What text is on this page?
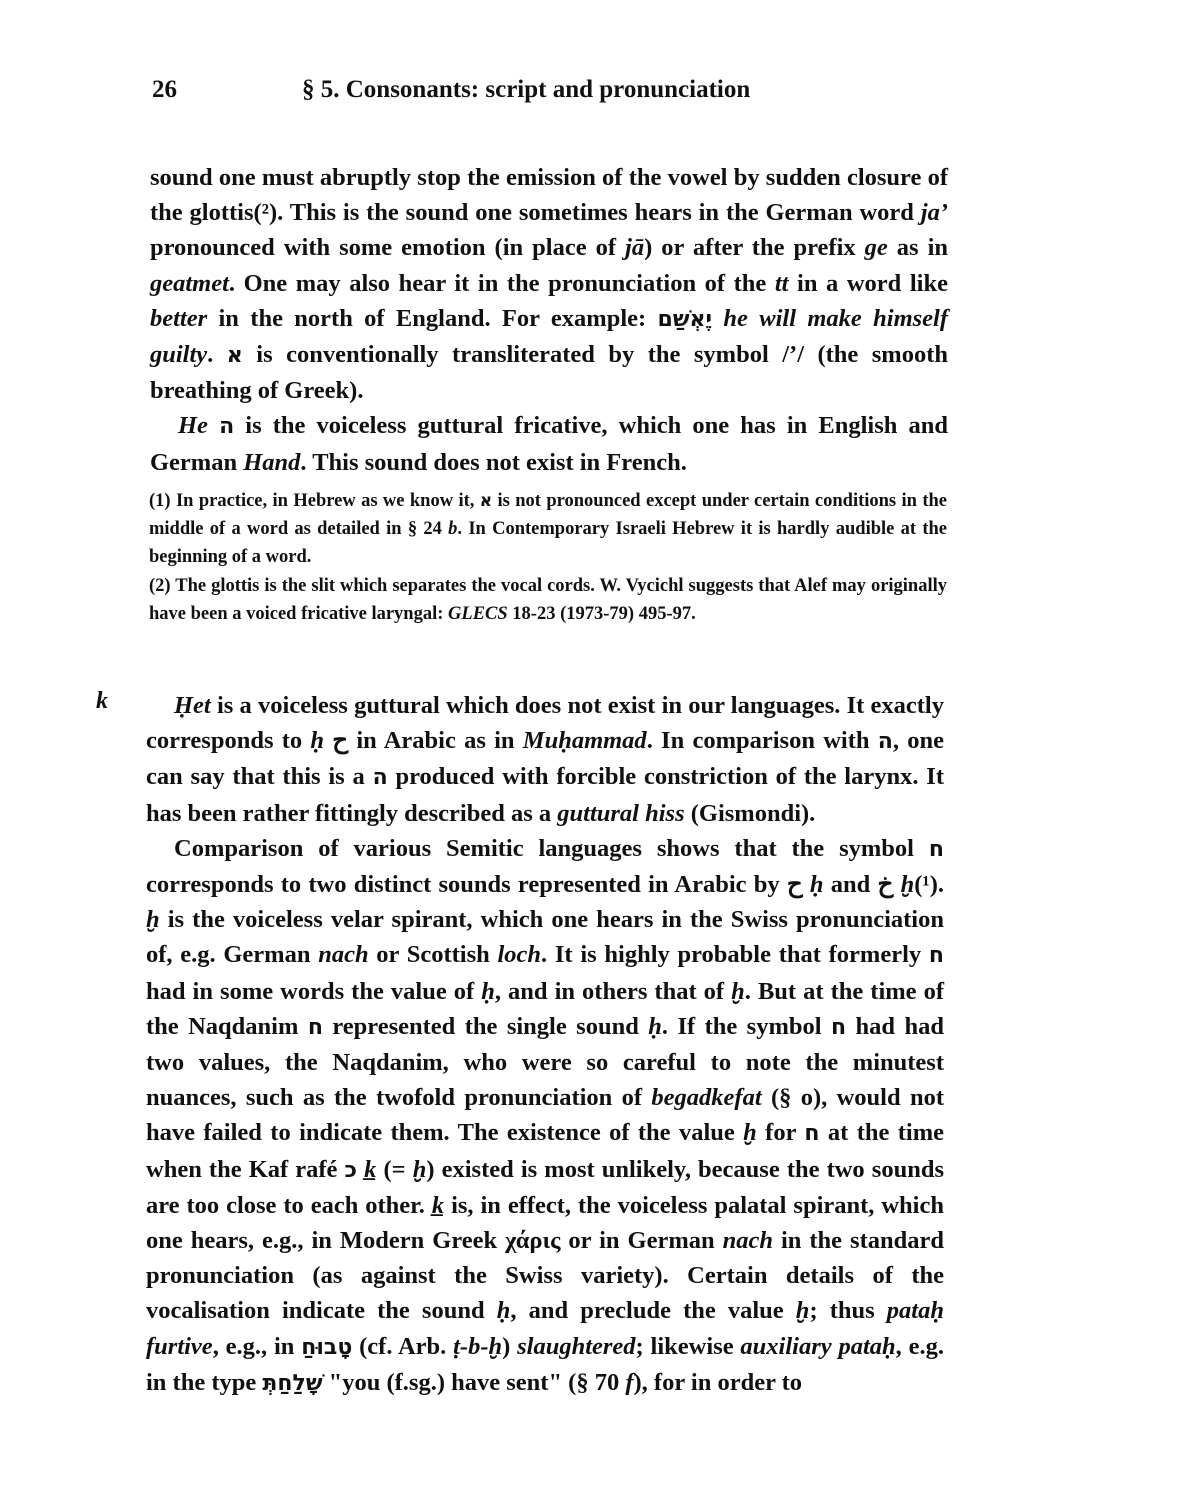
26	§ 5. Consonants: script and pronunciation

sound one must abruptly stop the emission of the vowel by sudden closure of the glottis(²). This is the sound one sometimes hears in the German word ja’ pronounced with some emotion (in place of jā) or after the prefix ge as in geatmet. One may also hear it in the pronunciation of the tt in a word like better in the north of England. For example: יֶאְשַׁם he will make himself guilty. א is conventionally transliterated by the symbol /’/ (the smooth breathing of Greek).

He ה is the voiceless guttural fricative, which one has in English and German Hand. This sound does not exist in French.

(1) In practice, in Hebrew as we know it, א is not pronounced except under certain conditions in the middle of a word as detailed in § 24 b. In Contemporary Israeli Hebrew it is hardly audible at the beginning of a word.

(2) The glottis is the slit which separates the vocal cords. W. Vycichl suggests that Alef may originally have been a voiced fricative laryngal: GLECS 18-23 (1973-79) 495-97.

k	Ḥet is a voiceless guttural which does not exist in our languages. It exactly corresponds to ḥ ح in Arabic as in Muḥammad. In comparison with ה, one can say that this is a ה produced with forcible constriction of the larynx. It has been rather fittingly described as a guttural hiss (Gismondi).

Comparison of various Semitic languages shows that the symbol ח corresponds to two distinct sounds represented in Arabic by ح ḥ and خ ḫ(¹). ḫ is the voiceless velar spirant, which one hears in the Swiss pronunciation of, e.g. German nach or Scottish loch. It is highly probable that formerly ח had in some words the value of ḥ, and in others that of ḫ. But at the time of the Naqdanim ח represented the single sound ḥ. If the symbol ח had had two values, the Naqdanim, who were so careful to note the minutest nuances, such as the twofold pronunciation of begadkefat (§ o), would not have failed to indicate them. The existence of the value ḫ for ח at the time when the Kaf rafé כ k̲ (= ḫ) existed is most unlikely, because the two sounds are too close to each other. k̲ is, in effect, the voiceless palatal spirant, which one hears, e.g., in Modern Greek χάρις or in German nach in the standard pronunciation (as against the Swiss variety). Certain details of the vocalisation indicate the sound ḥ, and preclude the value ḫ; thus pataḥ furtive, e.g., in טָבוּחַ (cf. Arb. ṭ-b-ḫ) slaughtered; likewise auxiliary pataḥ, e.g. in the type שָׁלַחַתְּ "you (f.sg.) have sent" (§ 70 f), for in order to
